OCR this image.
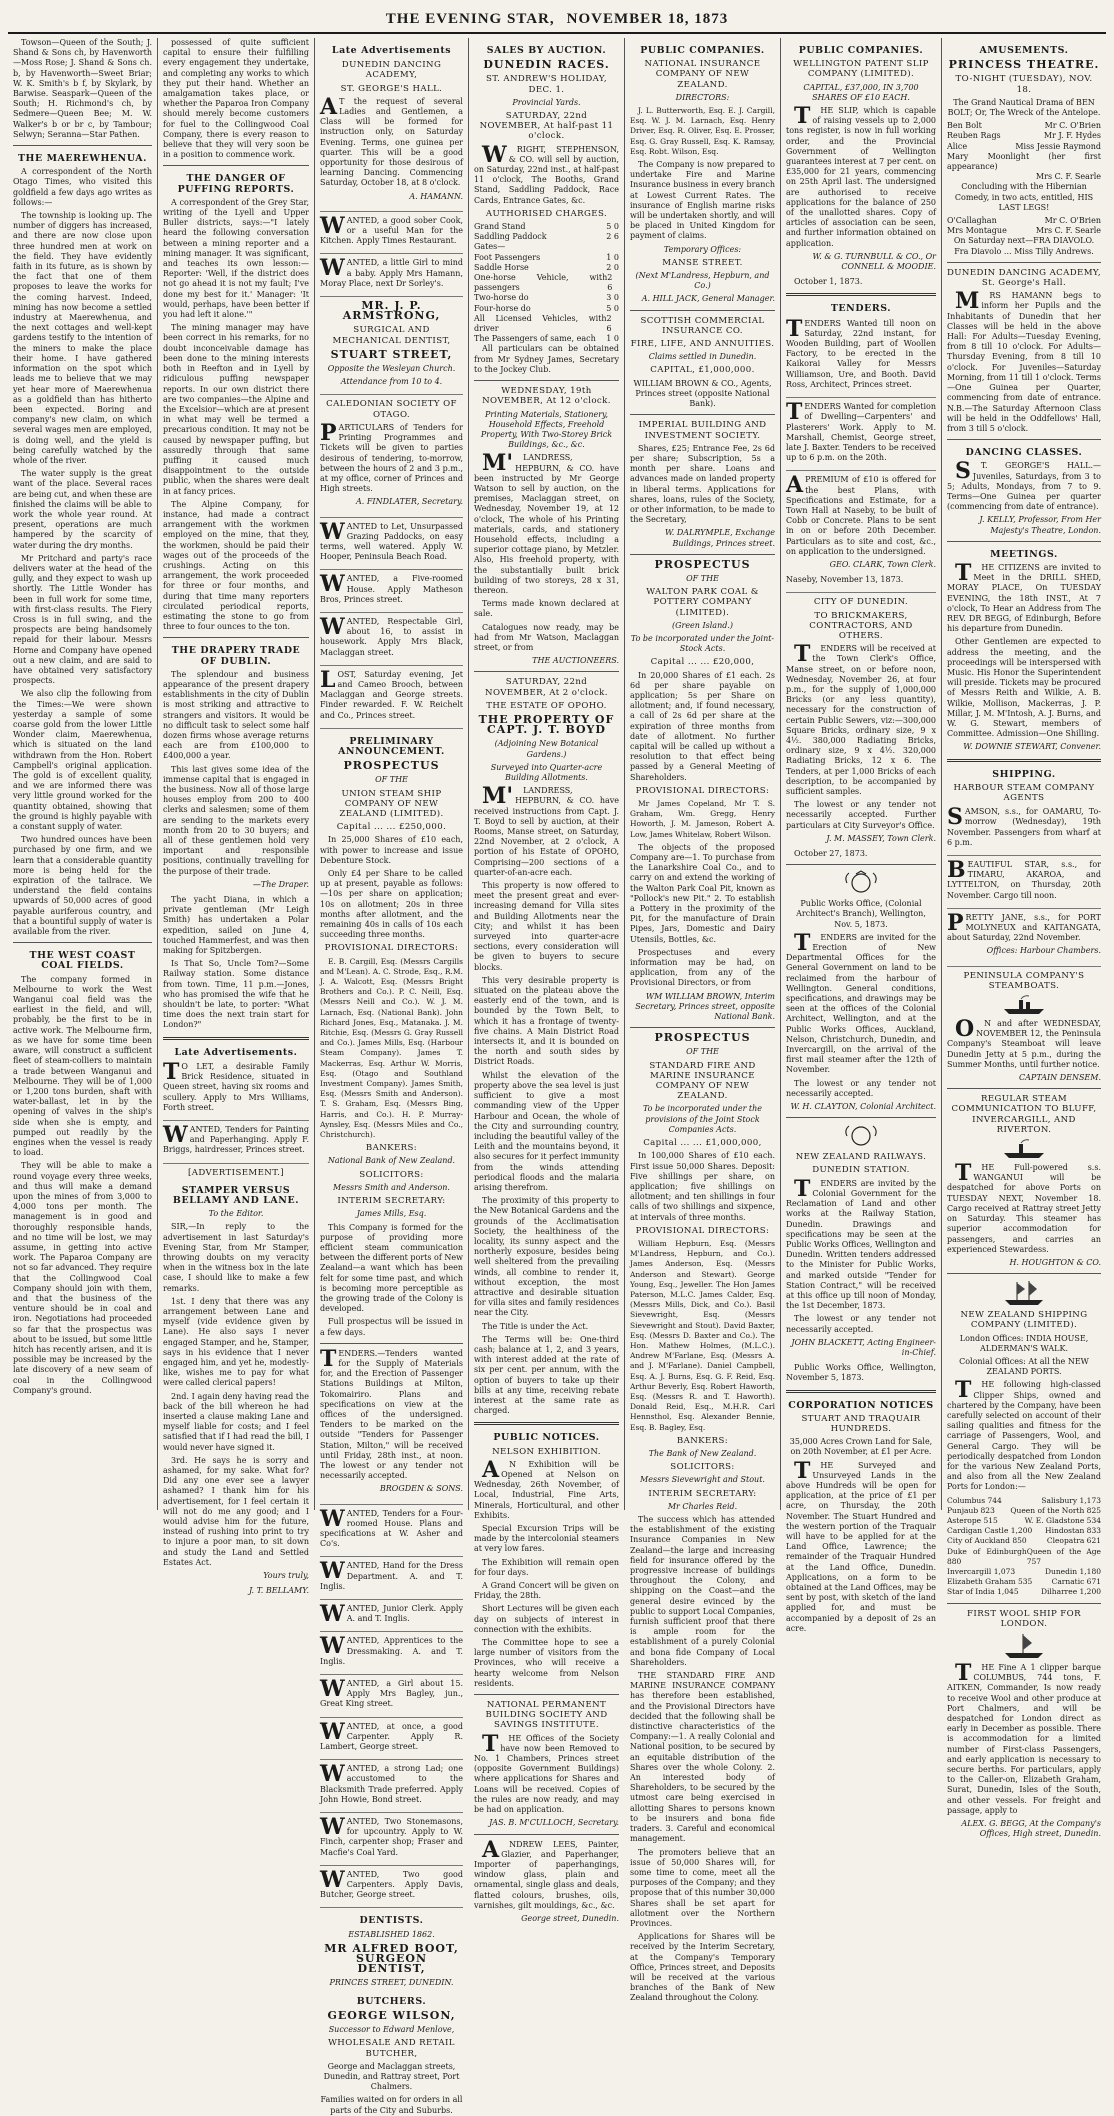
THE EVENING STAR, NOVEMBER 18, 1873

Towson—Queen of the South; J. Shand & Sons ch, by Havenworth—Moss Rose; J. Shand & Sons ch. b, by Havenworth—Sweet Briar; W. K. Smith's b f, by Skylark, by Barwise. Seaspark—Queen of the South; H. Richmond's ch, by Sedmere—Queen Bee; M. W. Walker's b or br c, by Tambour; Selwyn; Seranna—Star Pathen.

THE MAEREWHENUA.

A correspondent of the North Otago Times, who visited this goldfield a few days ago writes as follows:—

The township is looking up. The number of diggers has increased, and there are now close upon three hundred men at work on the field. They have evidently faith in its future, as is shown by the fact that one of them proposes to leave the works for the coming harvest. Indeed, mining has now become a settled industry at Maerewhenua, and the next cottages and well-kept gardens testify to the intention of the miners to make the place their home. I have gathered information on the spot which leads me to believe that we may yet hear more of Maerewhenua as a goldfield than has hitherto been expected. Boring and company's new claim, on which several wages men are employed, is doing well, and the yield is being carefully watched by the whole of the river.

The water supply is the great want of the place. Several races are being cut, and when these are finished the claims will be able to work the whole year round. At present, operations are much hampered by the scarcity of water during the dry months.

Mr Pritchard and party's race delivers water at the head of the gully, and they expect to wash up shortly. The Little Wonder has been in full work for some time, with first-class results. The Fiery Cross is in full swing, and the prospects are being handsomely repaid for their labour. Messrs Horne and Company have opened out a new claim, and are said to have obtained very satisfactory prospects.

We also clip the following from the Times:—We were shown yesterday a sample of some coarse gold from the lower Little Wonder claim, Maerewhenua, which is situated on the land withdrawn from the Hon. Robert Campbell's original application. The gold is of excellent quality, and we are informed there was very little ground worked for the quantity obtained, showing that the ground is highly payable with a constant supply of water.

Two hundred ounces have been purchased by one firm, and we learn that a considerable quantity more is being held for the expiration of the tailrace. We understand the field contains upwards of 50,000 acres of good payable auriferous country, and that a bountiful supply of water is available from the river.

THE WEST COAST COAL FIELDS.

The company formed in Melbourne to work the West Wanganui coal field was the earliest in the field, and will, probably, be the first to be in active work. The Melbourne firm, as we have for some time been aware, will construct a sufficient fleet of steam-colliers to maintain a trade between Wanganui and Melbourne. They will be of 1,000 or 1,200 tons burden, shaft with water-ballast, let in by the opening of valves in the ship's side when she is empty, and pumped out readily by the engines when the vessel is ready to load.

They will be able to make a round voyage every three weeks, and thus will make a demand upon the mines of from 3,000 to 4,000 tons per month. The management is in good and thoroughly responsible hands, and no time will be lost, we may assume, in getting into active work. The Paparoa Company are not so far advanced. They require that the Collingwood Coal Company should join with them, and that the business of the venture should be in coal and iron. Negotiations had proceeded so far that the prospectus was about to be issued, but some little hitch has recently arisen, and it is possible may be increased by the late discovery of a new seam of coal in the Collingwood Company's ground.

possessed of quite sufficient capital to ensure their fulfilling every engagement they undertake, and completing any works to which they put their hand. Whether an amalgamation takes place, or whether the Paparoa Iron Company should merely become customers for fuel to the Collingwood Coal Company, there is every reason to believe that they will very soon be in a position to commence work.

THE DANGER OF PUFFING REPORTS.

A correspondent of the Grey Star, writing of the Lyell and Upper Buller districts, says:—"I lately heard the following conversation between a mining reporter and a mining manager. It was significant, and teaches its own lesson:—Reporter: 'Well, if the district does not go ahead it is not my fault; I've done my best for it.' Manager: 'It would, perhaps, have been better if you had left it alone.'"

The mining manager may have been correct in his remarks, for no doubt inconceivable damage has been done to the mining interests both in Reefton and in Lyell by ridiculous puffing newspaper reports. In our own district there are two companies—the Alpine and the Excelsior—which are at present in what may well be termed a precarious condition. It may not be caused by newspaper puffing, but assuredly through that same puffing it caused much disappointment to the outside public, when the shares were dealt in at fancy prices.

The Alpine Company, for instance, had made a contract arrangement with the workmen employed on the mine, that they, the workmen, should be paid their wages out of the proceeds of the crushings. Acting on this arrangement, the work proceeded for three or four months, and during that time many reporters circulated periodical reports, estimating the stone to go from three to four ounces to the ton.

THE DRAPERY TRADE OF DUBLIN.

The splendour and business appearance of the present drapery establishments in the city of Dublin is most striking and attractive to strangers and visitors. It would be no difficult task to select some half dozen firms whose average returns each are from £100,000 to £400,000 a year.

This last gives some idea of the immense capital that is engaged in the business. Now all of those large houses employ from 200 to 400 clerks and salesmen; some of them are sending to the markets every month from 20 to 30 buyers; and all of these gentlemen hold very important and responsible positions, continually travelling for the purpose of their trade.

—The Draper.

The yacht Diana, in which a private gentleman (Mr Leigh Smith) has undertaken a Polar expedition, sailed on June 4, touched Hammerfest, and was then making for Spitzbergen.

Is That So, Uncle Tom?—Some Railway station. Some distance from town. Time, 11 p.m.—Jones, who has promised the wife that he shouldn't be late, to porter: "What time does the next train start for London?"

Late Advertisements.

TO LET, a desirable Family Brick Residence, situated in Queen street, having six rooms and scullery. Apply to Mrs Williams, Forth street.

WANTED, Tenders for Painting and Paperhanging. Apply F. Briggs, hairdresser, Princes street.

[ADVERTISEMENT.]
STAMPER VERSUS BELLAMY AND LANE.
To the Editor.

SIR,—In reply to the advertisement in last Saturday's Evening Star, from Mr Stamper, throwing doubts on my veracity when in the witness box in the late case, I should like to make a few remarks.

1st. I deny that there was any arrangement between Lane and myself (vide evidence given by Lane). He also says I never engaged Stamper, and he, Stamper, says in his evidence that I never engaged him, and yet he, modestly-like, wishes me to pay for what were called clerical papers!

2nd. I again deny having read the back of the bill whereon he had inserted a clause making Lane and myself liable for costs; and I feel satisfied that if I had read the bill, I would never have signed it.

3rd. He says he is sorry and ashamed, for my sake. What for? Did any one ever see a lawyer ashamed? I thank him for his advertisement, for I feel certain it will not do me any good; and I would advise him for the future, instead of rushing into print to try to injure a poor man, to sit down and study the Land and Settled Estates Act.

Yours truly,
J. T. BELLAMY.
Late Advertisements
DUNEDIN DANCING ACADEMY,
ST. GEORGE'S HALL.

AT the request of several Ladies and Gentlemen, a Class will be formed for instruction only, on Saturday Evening. Terms, one guinea per quarter. This will be a good opportunity for those desirous of learning Dancing. Commencing Saturday, October 18, at 8 o'clock.

A. HAMANN.

WANTED, a good sober Cook, or a useful Man for the Kitchen. Apply Times Restaurant.

WANTED, a little Girl to mind a baby. Apply Mrs Hamann, Moray Place, next Dr Sorley's.

MR. J. P. ARMSTRONG,
SURGICAL AND MECHANICAL DENTIST,
STUART STREET,
Opposite the Wesleyan Church.
Attendance from 10 to 4.
CALEDONIAN SOCIETY OF OTAGO.

PARTICULARS of Tenders for Printing Programmes and Tickets will be given to parties desirous of tendering, to-morrow, between the hours of 2 and 3 p.m., at my office, corner of Princes and High streets.

A. FINDLATER, Secretary.

WANTED to Let, Unsurpassed Grazing Paddocks, on easy terms, well watered. Apply W. Hooper, Peninsula Beach Road.

WANTED, a Five-roomed House. Apply Matheson Bros, Princes street.

WANTED, Respectable Girl, about 16, to assist in housework. Apply Mrs Black, Maclaggan street.

LOST, Saturday evening, Jet and Cameo Brooch, between Maclaggan and George streets. Finder rewarded. F. W. Reichelt and Co., Princes street.

PRELIMINARY ANNOUNCEMENT.
PROSPECTUS
OF THE
UNION STEAM SHIP COMPANY OF NEW ZEALAND (LIMITED).
Capital ... ... £250,000.

In 25,000 Shares of £10 each, with power to increase and issue Debenture Stock.

Only £4 per Share to be called up at present, payable as follows:—10s per share on application; 10s on allotment; 20s in three months after allotment, and the remaining 40s in calls of 10s each succeeding three months.

PROVISIONAL DIRECTORS:

E. B. Cargill, Esq. (Messrs Cargills and M'Lean). A. C. Strode, Esq., R.M. J. A. Walcott, Esq. (Messrs Bright Brothers and Co.). P. C. Neill, Esq. (Messrs Neill and Co.). W. J. M. Larnach, Esq. (National Bank). John Richard Jones, Esq., Matanaka. J. M. Ritchie, Esq. (Messrs G. Gray Russell and Co.). James Mills, Esq. (Harbour Steam Company). James T. Mackerras, Esq. Arthur W. Morris, Esq. (Otago and Southland Investment Company). James Smith, Esq. (Messrs Smith and Anderson). T. S. Graham, Esq. (Messrs Bing, Harris, and Co.). H. P. Murray-Aynsley, Esq. (Messrs Miles and Co., Christchurch).

BANKERS:
National Bank of New Zealand.
SOLICITORS:
Messrs Smith and Anderson.
INTERIM SECRETARY:
James Mills, Esq.

This Company is formed for the purpose of providing more efficient steam communication between the different ports of New Zealand—a want which has been felt for some time past, and which is becoming more perceptible as the growing trade of the Colony is developed.

Full prospectus will be issued in a few days.

TENDERS.—Tenders wanted for the Supply of Materials for, and the Erection of Passenger Stations Buildings at Milton, Tokomairiro. Plans and specifications on view at the offices of the undersigned. Tenders to be marked on the outside "Tenders for Passenger Station, Milton," will be received until Friday, 28th inst., at noon. The lowest or any tender not necessarily accepted.

BROGDEN & SONS.

WANTED, Tenders for a Four-roomed House. Plans and specifications at W. Asher and Co's.

WANTED, Hand for the Dress Department. A. and T. Inglis.

WANTED, Junior Clerk. Apply A. and T. Inglis.

WANTED, Apprentices to the Dressmaking. A. and T. Inglis.

WANTED, a Girl about 15. Apply Mrs Bagley, jun., Great King street.

WANTED, at once, a good Carpenter. Apply R. Lambert, George street.

WANTED, a strong Lad; one accustomed to the Blacksmith Trade preferred. Apply John Howie, Bond street.

WANTED, Two Stonemasons, for upcountry. Apply to W. Finch, carpenter shop; Fraser and Macfie's Coal Yard.

WANTED, Two good Carpenters. Apply Davis, Butcher, George street.

DENTISTS.
ESTABLISHED 1862.
MR ALFRED BOOT, SURGEON DENTIST,
PRINCES STREET, DUNEDIN.
BUTCHERS.
GEORGE WILSON,
Successor to Edward Menlove,
WHOLESALE AND RETAIL BUTCHER,

George and Maclaggan streets, Dunedin, and Rattray street, Port Chalmers.

Families waited on for orders in all parts of the City and Suburbs.

SALES BY AUCTION.
DUNEDIN RACES.
ST. ANDREW'S HOLIDAY, DEC. 1.
Provincial Yards.
SATURDAY, 22nd NOVEMBER, At half-past 11 o'clock.

WRIGHT, STEPHENSON, & CO. will sell by auction, on Saturday, 22nd inst., at half-past 11 o'clock, The Booths, Grand Stand, Saddling Paddock, Race Cards, Entrance Gates, &c.

AUTHORISED CHARGES.
Grand Stand	5 0
Saddling Paddock	2 6
Gates—
Foot Passengers	1 0
Saddle Horse	2 0
One-horse Vehicle, with passengers
2 6
Two-horse do	3 0
Four-horse do	5 0
All Licensed Vehicles, with driver
2 6
The Passengers of same, each 1 0

All particulars can be obtained from Mr Sydney James, Secretary to the Jockey Club.

WEDNESDAY, 19th NOVEMBER, At 12 o'clock.
Printing Materials, Stationery, Household Effects, Freehold Property, With Two-Storey Brick Buildings, &c., &c.

M'LANDRESS, HEPBURN, & CO. have been instructed by Mr George Watson to sell by auction, on the premises, Maclaggan street, on Wednesday, November 19, at 12 o'clock, The whole of his Printing materials, cards, and stationery Household effects, including a superior cottage piano, by Metzler. Also, His freehold property, with the substantially built brick building of two storeys, 28 x 31, thereon.

Terms made known declared at sale.

Catalogues now ready, may be had from Mr Watson, Maclaggan street, or from

THE AUCTIONEERS.
SATURDAY, 22nd NOVEMBER, At 2 o'clock.
THE ESTATE OF OPOHO.
THE PROPERTY OF CAPT. J. T. BOYD
(Adjoining New Botanical Gardens.)
Surveyed into Quarter-acre Building Allotments.

M'LANDRESS, HEPBURN, & CO. have received instructions from Capt. J. T. Boyd to sell by auction, at their Rooms, Manse street, on Saturday, 22nd November, at 2 o'clock, A portion of his Estate of OPOHO, Comprising—200 sections of a quarter-of-an-acre each.

This property is now offered to meet the present great and ever-increasing demand for Villa sites and Building Allotments near the City; and whilst it has been surveyed into quarter-acre sections, every consideration will be given to buyers to secure blocks.

This very desirable property is situated on the plateau above the easterly end of the town, and is bounded by the Town Belt, to which it has a frontage of twenty-five chains. A Main District Road intersects it, and it is bounded on the north and south sides by District Roads.

Whilst the elevation of the property above the sea level is just sufficient to give a most commanding view of the Upper Harbour and Ocean, the whole of the City and surrounding country, including the beautiful valley of the Leith and the mountains beyond, it also secures for it perfect immunity from the winds attending periodical floods and the malaria arising therefrom.

The proximity of this property to the New Botanical Gardens and the grounds of the Acclimatisation Society, the healthiness of the locality, its sunny aspect and the northerly exposure, besides being well sheltered from the prevailing winds, all combine to render it, without exception, the most attractive and desirable situation for villa sites and family residences near the City.

The Title is under the Act.

The Terms will be: One-third cash; balance at 1, 2, and 3 years, with interest added at the rate of six per cent. per annum, with the option of buyers to take up their bills at any time, receiving rebate interest at the same rate as charged.

PUBLIC NOTICES.
NELSON EXHIBITION.

AN Exhibition will be Opened at Nelson on Wednesday, 26th November, of Local, Industrial, Fine Arts, Minerals, Horticultural, and other Exhibits.

Special Excursion Trips will be made by the intercolonial steamers at very low fares.

The Exhibition will remain open for four days.

A Grand Concert will be given on Friday, the 28th.

Short Lectures will be given each day on subjects of interest in connection with the exhibits.

The Committee hope to see a large number of visitors from the Provinces, who will receive a hearty welcome from Nelson residents.

NATIONAL PERMANENT BUILDING SOCIETY AND SAVINGS INSTITUTE.

THE Offices of the Society have now been Removed to No. 1 Chambers, Princes street (opposite Government Buildings) where applications for Shares and Loans will be received. Copies of the rules are now ready, and may be had on application.

JAS. B. M'CULLOCH, Secretary.

ANDREW LEES, Painter, Glazier, and Paperhanger, Importer of paperhangings, window glass, plain and ornamental, single glass and deals, flatted colours, brushes, oils, varnishes, gilt mouldings, &c., &c.

George street, Dunedin.
PUBLIC COMPANIES.
NATIONAL INSURANCE COMPANY OF NEW ZEALAND.
DIRECTORS:

J. L. Butterworth, Esq. E. J. Cargill, Esq. W. J. M. Larnach, Esq. Henry Driver, Esq. R. Oliver, Esq. E. Prosser, Esq. G. Gray Russell, Esq. K. Ramsay, Esq. Robt. Wilson, Esq.

The Company is now prepared to undertake Fire and Marine Insurance business in every branch at Lowest Current Rates. The insurance of English marine risks will be undertaken shortly, and will be placed in United Kingdom for payment of claims.

Temporary Offices:
MANSE STREET.
(Next M'Landress, Hepburn, and Co.)
A. HILL JACK, General Manager.
SCOTTISH COMMERCIAL INSURANCE CO.
FIRE, LIFE, AND ANNUITIES.
Claims settled in Dunedin.
CAPITAL, £1,000,000.

WILLIAM BROWN & CO., Agents, Princes street (opposite National Bank).

IMPERIAL BUILDING AND INVESTMENT SOCIETY.

Shares, £25; Entrance Fee, 2s 6d per share; Subscription, 5s a month per share. Loans and advances made on landed property in liberal terms. Applications for shares, loans, rules of the Society, or other information, to be made to the Secretary,

W. DALRYMPLE, Exchange Buildings, Princes street.
PROSPECTUS
OF THE
WALTON PARK COAL & POTTERY COMPANY (LIMITED).
(Green Island.)
To be incorporated under the Joint-Stock Acts.
Capital ... ... £20,000,

In 20,000 Shares of £1 each. 2s 6d per share payable on application; 5s per Share on allotment; and, if found necessary, a call of 2s 6d per share at the expiration of three months from date of allotment. No further capital will be called up without a resolution to that effect being passed by a General Meeting of Shareholders.

PROVISIONAL DIRECTORS:

Mr James Copeland, Mr T. S. Graham, Wm. Gregg, Henry Howorth, J. M. Jameson, Robert A. Low, James Whitelaw, Robert Wilson.

The objects of the proposed Company are—1. To purchase from the Lanarkshire Coal Co., and to carry on and extend the working of the Walton Park Coal Pit, known as "Pollock's new Pit." 2. To establish a Pottery in the proximity of the Pit, for the manufacture of Drain Pipes, Jars, Domestic and Dairy Utensils, Bottles, &c.

Prospectuses and every information may be had, on application, from any of the Provisional Directors, or from

WM WILLIAM BROWN, Interim Secretary, Princes street, opposite National Bank.
PROSPECTUS
OF THE
STANDARD FIRE AND MARINE INSURANCE COMPANY OF NEW ZEALAND.
To be incorporated under the provisions of the Joint Stock Companies Acts.
Capital ... ... £1,000,000,

In 100,000 Shares of £10 each. First issue 50,000 Shares. Deposit: Five shillings per share, on application; five shillings on allotment; and ten shillings in four calls of two shillings and sixpence, at intervals of three months.

PROVISIONAL DIRECTORS:

William Hepburn, Esq. (Messrs M'Landress, Hepburn, and Co.). James Anderson, Esq. (Messrs Anderson and Stewart). George Young, Esq., Jeweller. The Hon James Paterson, M.L.C. James Calder, Esq. (Messrs Mills, Dick, and Co.). Basil Sievewright, Esq. (Messrs Sievewright and Stout). David Baxter, Esq. (Messrs D. Baxter and Co.). The Hon. Mathew Holmes, (M.L.C.). Andrew M'Farlane, Esq. (Messrs A. and J. M'Farlane). Daniel Campbell, Esq. A. J. Burns, Esq. G. F. Reid, Esq. Arthur Beverly, Esq. Robert Haworth, Esq. (Messrs R. and T. Haworth). Donald Reid, Esq., M.H.R. Carl Hennsthol, Esq. Alexander Bennie, Esq. B. Bagley, Esq.

BANKERS:
The Bank of New Zealand.
SOLICITORS:
Messrs Sievewright and Stout.
INTERIM SECRETARY:
Mr Charles Reid.

The success which has attended the establishment of the existing Insurance Companies in New Zealand—the large and increasing field for insurance offered by the progressive increase of buildings throughout the Colony, and shipping on the Coast—and the general desire evinced by the public to support Local Companies, furnish sufficient proof that there is ample room for the establishment of a purely Colonial and bona fide Company of Local Shareholders.

THE STANDARD FIRE AND MARINE INSURANCE COMPANY has therefore been established, and the Provisional Directors have decided that the following shall be distinctive characteristics of the Company:—1. A really Colonial and National position, to be secured by an equitable distribution of the Shares over the whole Colony. 2. An interested body of Shareholders, to be secured by the utmost care being exercised in allotting Shares to persons known to be insurers and bona fide traders. 3. Careful and economical management.

The promoters believe that an issue of 50,000 Shares will, for some time to come, meet all the purposes of the Company; and they propose that of this number 30,000 Shares shall be set apart for allotment over the Northern Provinces.

Applications for Shares will be received by the Interim Secretary, at the Company's Temporary Office, Princes street, and Deposits will be received at the various branches of the Bank of New Zealand throughout the Colony.

PUBLIC COMPANIES.
WELLINGTON PATENT SLIP COMPANY (LIMITED).
CAPITAL, £37,000, IN 3,700 SHARES OF £10 EACH.

THE SLIP, which is capable of raising vessels up to 2,000 tons register, is now in full working order, and the Provincial Government of Wellington guarantees interest at 7 per cent. on £35,000 for 21 years, commencing on 25th April last. The undersigned are authorised to receive applications for the balance of 250 of the unallotted shares. Copy of articles of association can be seen, and further information obtained on application.

W. & G. TURNBULL & CO., Or CONNELL & MOODIE.

October 1, 1873.

TENDERS.

TENDERS Wanted till noon on Saturday, 22nd instant, for Wooden Building, part of Woollen Factory, to be erected in the Kaikorai Valley for Messrs Williamson, Ure, and Booth. David Ross, Architect, Princes street.

TENDERS Wanted for completion of Dwelling—Carpenters' and Plasterers' Work. Apply to M. Marshall, Chemist, George street, late J. Baxter. Tenders to be received up to 6 p.m. on the 20th.

APREMIUM of £10 is offered for the best Plans, with Specifications and Estimate, for a Town Hall at Naseby, to be built of Cobb or Concrete. Plans to be sent in on or before 20th December. Particulars as to site and cost, &c., on application to the undersigned.

GEO. CLARK, Town Clerk.

Naseby, November 13, 1873.

CITY OF DUNEDIN.
TO BRICKMAKERS, CONTRACTORS, AND OTHERS.

TENDERS will be received at the Town Clerk's Office, Manse street, on or before noon, Wednesday, November 26, at four p.m., for the supply of 1,000,000 Bricks (or any less quantity), necessary for the construction of certain Public Sewers, viz:—300,000 Square Bricks, ordinary size, 9 x 4½. 380,000 Radiating Bricks, ordinary size, 9 x 4½. 320,000 Radiating Bricks, 12 x 6. The Tenders, at per 1,000 Bricks of each description, to be accompanied by sufficient samples.

The lowest or any tender not necessarily accepted. Further particulars at City Surveyor's Office.

J. M. MASSEY, Town Clerk.

October 27, 1873.

Public Works Office, (Colonial Architect's Branch), Wellington, Nov. 5, 1873.

TENDERS are invited for the Erection of New Departmental Offices for the General Government on land to be reclaimed from the harbour of Wellington. General conditions, specifications, and drawings may be seen at the offices of the Colonial Architect, Wellington, and at the Public Works Offices, Auckland, Nelson, Christchurch, Dunedin, and Invercargill, on the arrival of the first mail steamer after the 12th of November.

The lowest or any tender not necessarily accepted.

W. H. CLAYTON, Colonial Architect.
NEW ZEALAND RAILWAYS.
DUNEDIN STATION.

TENDERS are invited by the Colonial Government for the Reclamation of Land and other works at the Railway Station, Dunedin. Drawings and specifications may be seen at the Public Works Offices, Wellington and Dunedin. Written tenders addressed to the Minister for Public Works, and marked outside "Tender for Station Contract," will be received at this office up till noon of Monday, the 1st December, 1873.

The lowest or any tender not necessarily accepted.

JOHN BLACKETT, Acting Engineer-in-Chief.

Public Works Office, Wellington, November 5, 1873.

CORPORATION NOTICES
STUART AND TRAQUAIR HUNDREDS.

35,000 Acres Crown Land for Sale, on 20th November, at £1 per Acre.

THE Surveyed and Unsurveyed Lands in the above Hundreds will be open for application, at the price of £1 per acre, on Thursday, the 20th November. The Stuart Hundred and the western portion of the Traquair will have to be applied for at the Land Office, Lawrence; the remainder of the Traquair Hundred at the Land Office, Dunedin. Applications, on a form to be obtained at the Land Offices, may be sent by post, with sketch of the land applied for, and must be accompanied by a deposit of 2s an acre.

AMUSEMENTS.
PRINCESS THEATRE.
TO-NIGHT (TUESDAY), NOV. 18.

The Grand Nautical Drama of BEN BOLT; Or, The Wreck of the Antelope.

Ben Bolt	Mr C. O'Brien
Reuben Rags	Mr J. F. Hydes
Alice	Miss Jessie Raymond
Mary Moonlight (her first appearance)
Mrs C. F. Searle

Concluding with the Hibernian Comedy, in two acts, entitled, HIS LAST LEGS!

O'Callaghan	Mr C. O'Brien
Mrs Montague	Mrs C. F. Searle

On Saturday next—FRA DIAVOLO. Fra Diavolo ... Miss Tilly Andrews.

DUNEDIN DANCING ACADEMY, St. George's Hall.

MRS HAMANN begs to inform her Pupils and the Inhabitants of Dunedin that her Classes will be held in the above Hall: For Adults—Tuesday Evening, from 8 till 10 o'clock. For Adults—Thursday Evening, from 8 till 10 o'clock. For Juveniles—Saturday Morning, from 11 till 1 o'clock. Terms—One Guinea per Quarter, commencing from date of entrance. N.B.—The Saturday Afternoon Class will be held in the Oddfellows' Hall, from 3 till 5 o'clock.

DANCING CLASSES.

ST. GEORGE'S HALL.—Juveniles, Saturdays, from 3 to 5; Adults, Mondays, from 7 to 9. Terms—One Guinea per quarter (commencing from date of entrance).

J. KELLY, Professor, From Her Majesty's Theatre, London.
MEETINGS.

THE CITIZENS are invited to Meet in the DRILL SHED, MORAY PLACE, On TUESDAY EVENING, the 18th INST., At 7 o'clock, To Hear an Address from The REV. DR BEGG, of Edinburgh, Before his departure from Dunedin.

Other Gentlemen are expected to address the meeting, and the proceedings will be interspersed with Music. His Honor the Superintendent will preside. Tickets may be procured of Messrs Reith and Wilkie, A. B. Wilkie, Mollison, Mackerras, J. P. Millar, J. M. M'Intosh, A. J. Burns, and W. G. Stewart, members of Committee. Admission—One Shilling.

W. DOWNIE STEWART, Convener.
SHIPPING.
HARBOUR STEAM COMPANY AGENTS

SAMSON, s.s., for OAMARU, To-morrow (Wednesday), 19th November. Passengers from wharf at 6 p.m.

BEAUTIFUL STAR, s.s., for TIMARU, AKAROA, and LYTTELTON, on Thursday, 20th November. Cargo till noon.

PRETTY JANE, s.s., for PORT MOLYNEUX and KAITANGATA, about Saturday, 22nd November.

Offices: Harbour Chambers.
PENINSULA COMPANY'S STEAMBOATS.

ON and after WEDNESDAY, NOVEMBER 12, the Peninsula Company's Steamboat will leave Dunedin Jetty at 5 p.m., during the Summer Months, until further notice.

CAPTAIN DENSEM.
REGULAR STEAM COMMUNICATION TO BLUFF, INVERCARGILL, AND RIVERTON.

THE Full-powered s.s. WANGANUI will be despatched for above Ports on TUESDAY NEXT, November 18. Cargo received at Rattray street Jetty on Saturday. This steamer has superior accommodation for passengers, and carries an experienced Stewardess.

H. HOUGHTON & CO.
NEW ZEALAND SHIPPING COMPANY (LIMITED).

London Offices: INDIA HOUSE, ALDERMAN'S WALK.

Colonial Offices: At all the NEW ZEALAND PORTS.

THE following high-classed Clipper Ships, owned and chartered by the Company, have been carefully selected on account of their sailing qualities and fitness for the carriage of Passengers, Wool, and General Cargo. They will be periodically despatched from London for the various New Zealand Ports, and also from all the New Zealand Ports for London:—

Columbus 744	Salisbury 1,173
Punjaub 823 Queen of the North 825
Asterope 515	W. E. Gladstone 534
Cardigan Castle 1,200 Hindostan 833
City of Auckland 850	Cleopatra 621
Duke of Edinburgh 880
Queen of the Age 757
Invercargill 1,073	Dunedin 1,180
Elizabeth Graham 535	Carnatic 671
Star of India 1,045	Dilharree 1,200
FIRST WOOL SHIP FOR LONDON.

THE Fine A 1 clipper barque COLUMBUS, 744 tons, F. AITKEN, Commander, Is now ready to receive Wool and other produce at Port Chalmers, and will be despatched for London direct as early in December as possible. There is accommodation for a limited number of First-class Passengers, and early application is necessary to secure berths. For particulars, apply to the Caller-on, Elizabeth Graham, Surat, Dunedin, Isles of the South, and other vessels. For freight and passage, apply to

ALEX. G. BEGG, At the Company's Offices, High street, Dunedin.
